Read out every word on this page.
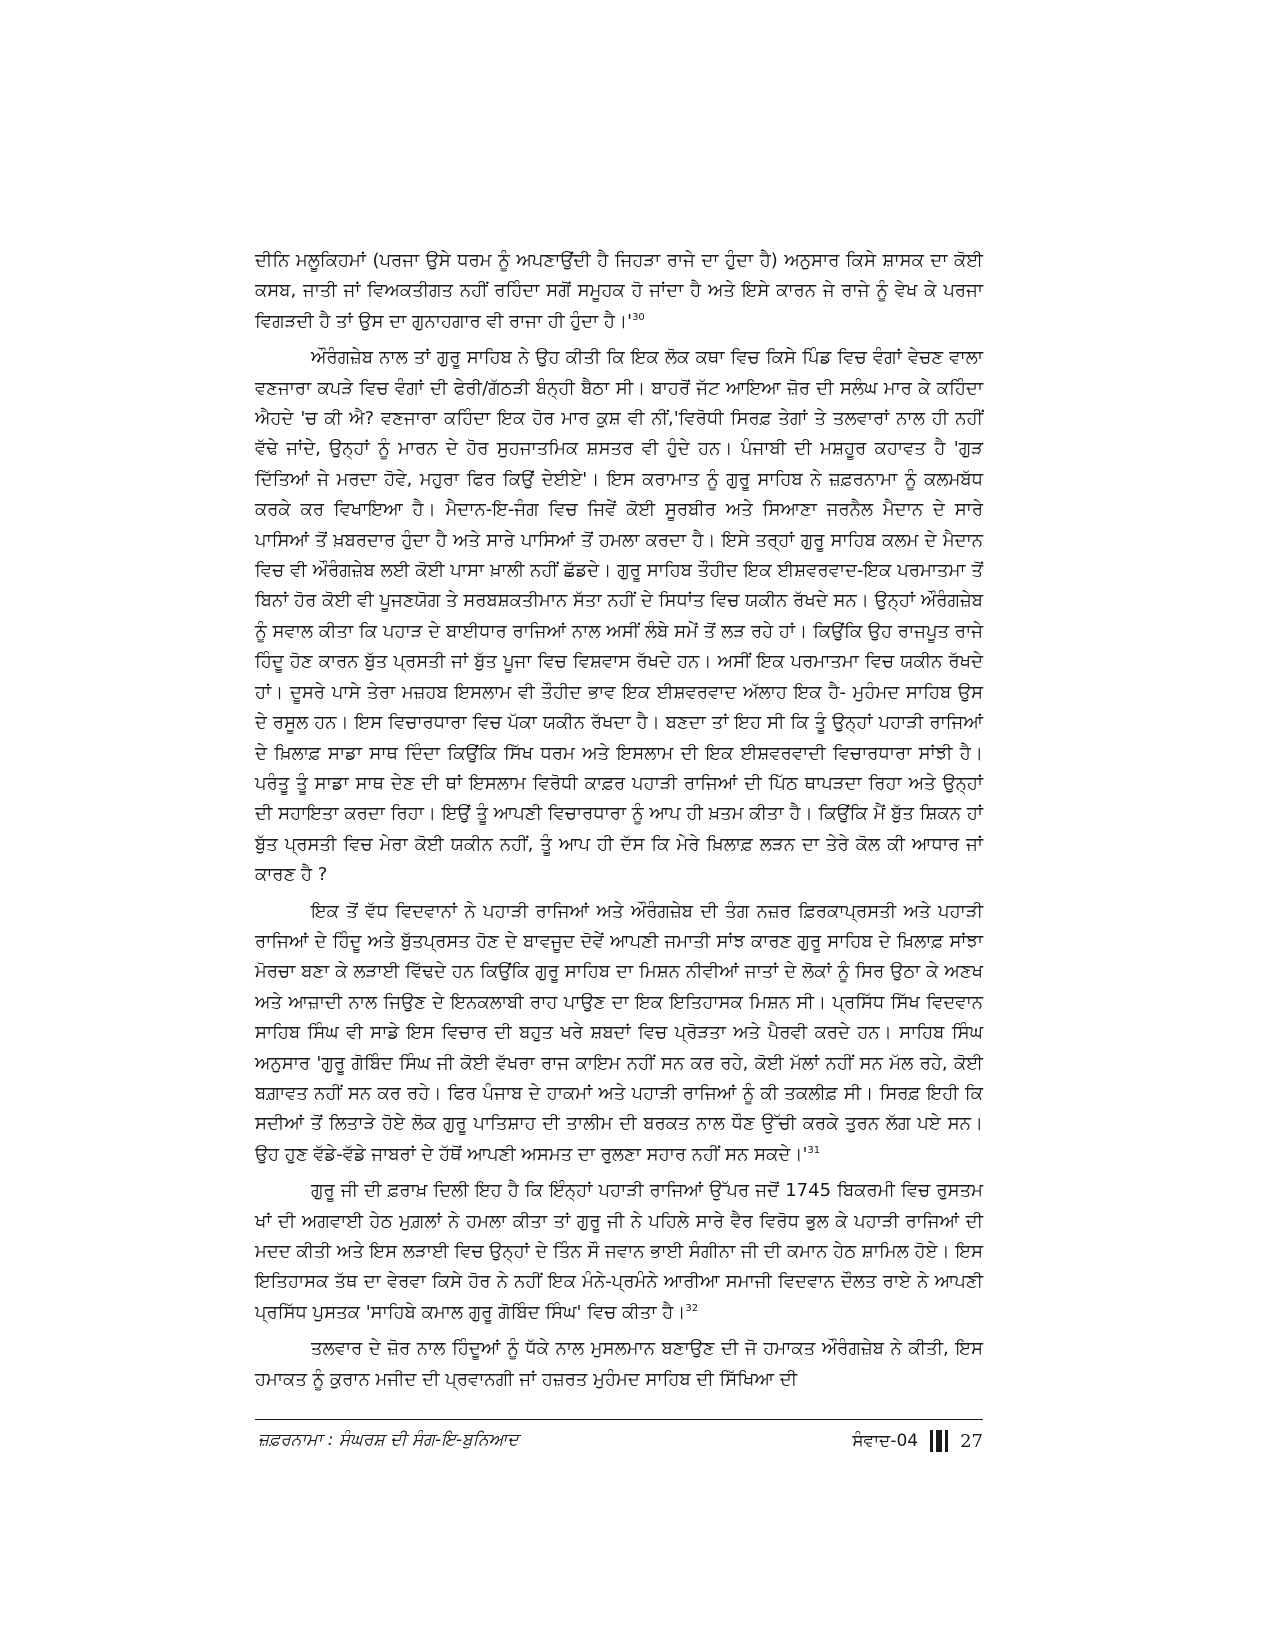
ਦੀਨਿ ਮਲੂਕਿਹਮਾਂ (ਪਰਜਾ ਉਸੇ ਧਰਮ ਨੂੰ ਅਪਣਾਉਂਦੀ ਹੈ ਜਿਹੜਾ ਰਾਜੇ ਦਾ ਹੁੰਦਾ ਹੈ) ਅਨੁਸਾਰ ਕਿਸੇ ਸ਼ਾਸਕ ਦਾ ਕੋਈ ਕਸਬ, ਜਾਤੀ ਜਾਂ ਵਿਅਕਤੀਗਤ ਨਹੀਂ ਰਹਿੰਦਾ ਸਗੋਂ ਸਮੂਹਕ ਹੋ ਜਾਂਦਾ ਹੈ ਅਤੇ ਇਸੇ ਕਾਰਨ ਜੇ ਰਾਜੇ ਨੂੰ ਵੇਖ ਕੇ ਪਰਜਾ ਵਿਗੜਦੀ ਹੈ ਤਾਂ ਉਸ ਦਾ ਗੁਨਾਹਗਾਰ ਵੀ ਰਾਜਾ ਹੀ ਹੁੰਦਾ $ਹੈ।'^{30}$

ਔਰੰਗਜ਼ੇਬ ਨਾਲ ਤਾਂ ਗੁਰੂ ਸਾਹਿਬ ਨੇ ਉਹ ਕੀਤੀ ਕਿ ਇਕ ਲੋਕ ਕਥਾ ਵਿਚ ਕਿਸੇ ਪਿੰਡ ਵਿਚ ਵੰਗਾਂ ਵੇਚਣ ਵਾਲਾ ਵਣਜਾਰਾ ਕਪੜੇ ਵਿਚ ਵੰਗਾਂ ਦੀ ਫੇਰੀ/ਗੱਠੜੀ ਬੰਨ੍ਹੀ ਬੈਠਾ ਸੀ। ਬਾਹਰੋਂ ਜੱਟ ਆਇਆ ਜ਼ੋਰ ਦੀ ਸਲੰਘ ਮਾਰ ਕੇ ਕਹਿੰਦਾ ਐਹਦੇ 'ਚ ਕੀ ਐ? ਵਣਜਾਰਾ ਕਹਿੰਦਾ ਇਕ ਹੋਰ ਮਾਰ ਕੁਸ਼ ਵੀ ਨੀਂ,'ਵਿਰੋਧੀ ਸਿਰਫ਼ ਤੇਗਾਂ ਤੇ ਤਲਵਾਰਾਂ ਨਾਲ ਹੀ ਨਹੀਂ ਵੱਢੇ ਜਾਂਦੇ, ਉਨ੍ਹਾਂ ਨੂੰ ਮਾਰਨ ਦੇ ਹੋਰ ਸੁਹਜਾਤਮਿਕ ਸ਼ਸਤਰ ਵੀ ਹੁੰਦੇ ਹਨ। ਪੰਜਾਬੀ ਦੀ ਮਸ਼ਹੂਰ ਕਹਾਵਤ ਹੈ 'ਗੁੜ ਦਿੱਤਿਆਂ ਜੇ ਮਰਦਾ ਹੋਵੇ, ਮਹੁਰਾ ਫਿਰ ਕਿਉਂ ਦੇਈਏ'। ਇਸ ਕਰਾਮਾਤ ਨੂੰ ਗੁਰੂ ਸਾਹਿਬ ਨੇ ਜ਼ਫ਼ਰਨਾਮਾ ਨੂੰ ਕਲਮਬੱਧ ਕਰਕੇ ਕਰ ਵਿਖਾਇਆ ਹੈ। ਮੈਦਾਨ-ਇ-ਜੰਗ ਵਿਚ ਜਿਵੇਂ ਕੋਈ ਸੂਰਬੀਰ ਅਤੇ ਸਿਆਣਾ ਜਰਨੈਲ ਮੈਦਾਨ ਦੇ ਸਾਰੇ ਪਾਸਿਆਂ ਤੋਂ ਖ਼ਬਰਦਾਰ ਹੁੰਦਾ ਹੈ ਅਤੇ ਸਾਰੇ ਪਾਸਿਆਂ ਤੋਂ ਹਮਲਾ ਕਰਦਾ ਹੈ। ਇਸੇ ਤਰ੍ਹਾਂ ਗੁਰੂ ਸਾਹਿਬ ਕਲਮ ਦੇ ਮੈਦਾਨ ਵਿਚ ਵੀ ਔਰੰਗਜ਼ੇਬ ਲਈ ਕੋਈ ਪਾਸਾ ਖ਼ਾਲੀ ਨਹੀਂ ਛੱਡਦੇ। ਗੁਰੂ ਸਾਹਿਬ ਤੌਹੀਦ ਇਕ ਈਸ਼ਵਰਵਾਦ-ਇਕ ਪਰਮਾਤਮਾ ਤੋਂ ਬਿਨਾਂ ਹੋਰ ਕੋਈ ਵੀ ਪੂਜਣਯੋਗ ਤੇ ਸਰਬਸ਼ਕਤੀਮਾਨ ਸੱਤਾ ਨਹੀਂ ਦੇ ਸਿਧਾਂਤ ਵਿਚ ਯਕੀਨ ਰੱਖਦੇ ਸਨ। ਉਨ੍ਹਾਂ ਔਰੰਗਜ਼ੇਬ ਨੂੰ ਸਵਾਲ ਕੀਤਾ ਕਿ ਪਹਾੜ ਦੇ ਬਾਈਧਾਰ ਰਾਜਿਆਂ ਨਾਲ ਅਸੀਂ ਲੰਬੇ ਸਮੇਂ ਤੋਂ ਲੜ ਰਹੇ ਹਾਂ। ਕਿਉਂਕਿ ਉਹ ਰਾਜਪੂਤ ਰਾਜੇ ਹਿੰਦੂ ਹੋਣ ਕਾਰਨ ਬੁੱਤ ਪ੍ਰਸਤੀ ਜਾਂ ਬੁੱਤ ਪੂਜਾ ਵਿਚ ਵਿਸ਼ਵਾਸ ਰੱਖਦੇ ਹਨ। ਅਸੀਂ ਇਕ ਪਰਮਾਤਮਾ ਵਿਚ ਯਕੀਨ ਰੱਖਦੇ ਹਾਂ। ਦੂਸਰੇ ਪਾਸੇ ਤੇਰਾ ਮਜ਼ਹਬ ਇਸਲਾਮ ਵੀ ਤੌਹੀਦ ਭਾਵ ਇਕ ਈਸ਼ਵਰਵਾਦ ਅੱਲਾਹ ਇਕ ਹੈ- ਮੁਹੰਮਦ ਸਾਹਿਬ ਉਸ ਦੇ ਰਸੂਲ ਹਨ। ਇਸ ਵਿਚਾਰਧਾਰਾ ਵਿਚ ਪੱਕਾ ਯਕੀਨ ਰੱਖਦਾ ਹੈ। ਬਣਦਾ ਤਾਂ ਇਹ ਸੀ ਕਿ ਤੂੰ ਉਨ੍ਹਾਂ ਪਹਾੜੀ ਰਾਜਿਆਂ ਦੇ ਖ਼ਿਲਾਫ਼ ਸਾਡਾ ਸਾਥ ਦਿੰਦਾ ਕਿਉਂਕਿ ਸਿੱਖ ਧਰਮ ਅਤੇ ਇਸਲਾਮ ਦੀ ਇਕ ਈਸ਼ਵਰਵਾਦੀ ਵਿਚਾਰਧਾਰਾ ਸਾਂਝੀ ਹੈ। ਪਰੰਤੂ ਤੂੰ ਸਾਡਾ ਸਾਥ ਦੇਣ ਦੀ ਥਾਂ ਇਸਲਾਮ ਵਿਰੋਧੀ ਕਾਫ਼ਰ ਪਹਾੜੀ ਰਾਜਿਆਂ ਦੀ ਪਿੱਠ ਥਾਪੜਦਾ ਰਿਹਾ ਅਤੇ ਉਨ੍ਹਾਂ ਦੀ ਸਹਾਇਤਾ ਕਰਦਾ ਰਿਹਾ। ਇਉਂ ਤੂੰ ਆਪਣੀ ਵਿਚਾਰਧਾਰਾ ਨੂੰ ਆਪ ਹੀ ਖ਼ਤਮ ਕੀਤਾ ਹੈ। ਕਿਉਂਕਿ ਮੈਂ ਬੁੱਤ ਸ਼ਿਕਨ ਹਾਂ ਬੁੱਤ ਪ੍ਰਸਤੀ ਵਿਚ ਮੇਰਾ ਕੋਈ ਯਕੀਨ ਨਹੀਂ, ਤੂੰ ਆਪ ਹੀ ਦੱਸ ਕਿ ਮੇਰੇ ਖ਼ਿਲਾਫ਼ ਲੜਨ ਦਾ ਤੇਰੇ ਕੋਲ ਕੀ ਆਧਾਰ ਜਾਂ ਕਾਰਣ ਹੈ ?

ਇਕ ਤੋਂ ਵੱਧ ਵਿਦਵਾਨਾਂ ਨੇ ਪਹਾੜੀ ਰਾਜਿਆਂ ਅਤੇ ਔਰੰਗਜ਼ੇਬ ਦੀ ਤੰਗ ਨਜ਼ਰ ਫ਼ਿਰਕਾਪ੍ਰਸਤੀ ਅਤੇ ਪਹਾੜੀ ਰਾਜਿਆਂ ਦੇ ਹਿੰਦੂ ਅਤੇ ਬੁੱਤਪ੍ਰਸਤ ਹੋਣ ਦੇ ਬਾਵਜੂਦ ਦੋਵੇਂ ਆਪਣੀ ਜਮਾਤੀ ਸਾਂਝ ਕਾਰਣ ਗੁਰੂ ਸਾਹਿਬ ਦੇ ਖ਼ਿਲਾਫ਼ ਸਾਂਝਾ ਮੋਰਚਾ ਬਣਾ ਕੇ ਲੜਾਈ ਵਿੱਢਦੇ ਹਨ ਕਿਉਂਕਿ ਗੁਰੂ ਸਾਹਿਬ ਦਾ ਮਿਸ਼ਨ ਨੀਵੀਆਂ ਜਾਤਾਂ ਦੇ ਲੋਕਾਂ ਨੂੰ ਸਿਰ ਉਠਾ ਕੇ ਅਣਖ ਅਤੇ ਆਜ਼ਾਦੀ ਨਾਲ ਜਿਉਣ ਦੇ ਇਨਕਲਾਬੀ ਰਾਹ ਪਾਉਣ ਦਾ ਇਕ ਇਤਿਹਾਸਕ ਮਿਸ਼ਨ ਸੀ। ਪ੍ਰਸਿੱਧ ਸਿੱਖ ਵਿਦਵਾਨ ਸਾਹਿਬ ਸਿੰਘ ਵੀ ਸਾਡੇ ਇਸ ਵਿਚਾਰ ਦੀ ਬਹੁਤ ਖਰੇ ਸ਼ਬਦਾਂ ਵਿਚ ਪ੍ਰੋੜਤਾ ਅਤੇ ਪੈਰਵੀ ਕਰਦੇ ਹਨ। ਸਾਹਿਬ ਸਿੰਘ ਅਨੁਸਾਰ 'ਗੁਰੂ ਗੋਬਿੰਦ ਸਿੰਘ ਜੀ ਕੋਈ ਵੱਖਰਾ ਰਾਜ ਕਾਇਮ ਨਹੀਂ ਸਨ ਕਰ ਰਹੇ, ਕੋਈ ਮੱਲਾਂ ਨਹੀਂ ਸਨ ਮੱਲ ਰਹੇ, ਕੋਈ ਬਗ਼ਾਵਤ ਨਹੀਂ ਸਨ ਕਰ ਰਹੇ। ਫਿਰ ਪੰਜਾਬ ਦੇ ਹਾਕਮਾਂ ਅਤੇ ਪਹਾੜੀ ਰਾਜਿਆਂ ਨੂੰ ਕੀ ਤਕਲੀਫ਼ ਸੀ। ਸਿਰਫ਼ ਇਹੀ ਕਿ ਸਦੀਆਂ ਤੋਂ ਲਿਤਾੜੇ ਹੋਏ ਲੋਕ ਗੁਰੂ ਪਾਤਿਸ਼ਾਹ ਦੀ ਤਾਲੀਮ ਦੀ ਬਰਕਤ ਨਾਲ ਧੌਣ ਉੱਚੀ ਕਰਕੇ ਤੁਰਨ ਲੱਗ ਪਏ ਸਨ। ਉਹ ਹੁਣ ਵੱਡੇ-ਵੱਡੇ ਜਾਬਰਾਂ ਦੇ ਹੱਥੋਂ ਆਪਣੀ ਅਸਮਤ ਦਾ ਰੁਲਣਾ ਸਹਾਰ ਨਹੀਂ ਸਨ $ਸਕਦੇ।'^{31}$

ਗੁਰੂ ਜੀ ਦੀ ਫ਼ਰਾਖ਼ ਦਿਲੀ ਇਹ ਹੈ ਕਿ ਇੰਨ੍ਹਾਂ ਪਹਾੜੀ ਰਾਜਿਆਂ ਉੱਪਰ ਜਦੋਂ 1745 ਬਿਕਰਮੀ ਵਿਚ ਰੁਸਤਮ ਖਾਂ ਦੀ ਅਗਵਾਈ ਹੇਠ ਮੁਗ਼ਲਾਂ ਨੇ ਹਮਲਾ ਕੀਤਾ ਤਾਂ ਗੁਰੂ ਜੀ ਨੇ ਪਹਿਲੇ ਸਾਰੇ ਵੈਰ ਵਿਰੋਧ ਭੁਲ ਕੇ ਪਹਾੜੀ ਰਾਜਿਆਂ ਦੀ ਮਦਦ ਕੀਤੀ ਅਤੇ ਇਸ ਲੜਾਈ ਵਿਚ ਉਨ੍ਹਾਂ ਦੇ ਤਿੰਨ ਸੌ ਜਵਾਨ ਭਾਈ ਸੰਗੀਨਾ ਜੀ ਦੀ ਕਮਾਨ ਹੇਠ ਸ਼ਾਮਿਲ ਹੋਏ। ਇਸ ਇਤਿਹਾਸਕ ਤੱਥ ਦਾ ਵੇਰਵਾ ਕਿਸੇ ਹੋਰ ਨੇ ਨਹੀਂ ਇਕ ਮੰਨੇ-ਪ੍ਰਮੰਨੇ ਆਰੀਆ ਸਮਾਜੀ ਵਿਦਵਾਨ ਦੌਲਤ ਰਾਏ ਨੇ ਆਪਣੀ ਪ੍ਰਸਿੱਧ ਪੁਸਤਕ 'ਸਾਹਿਬੇ ਕਮਾਲ ਗੁਰੂ ਗੋਬਿੰਦ ਸਿੰਘ' ਵਿਚ ਕੀਤਾ ਹੈ।$^{32}$

ਤਲਵਾਰ ਦੇ ਜ਼ੋਰ ਨਾਲ ਹਿੰਦੂਆਂ ਨੂੰ ਧੱਕੇ ਨਾਲ ਮੁਸਲਮਾਨ ਬਣਾਉਣ ਦੀ ਜੋ ਹਮਾਕਤ ਔਰੰਗਜ਼ੇਬ ਨੇ ਕੀਤੀ, ਇਸ ਹਮਾਕਤ ਨੂੰ ਕੁਰਾਨ ਮਜੀਦ ਦੀ ਪ੍ਰਵਾਨਗੀ ਜਾਂ ਹਜ਼ਰਤ ਮੁਹੰਮਦ ਸਾਹਿਬ ਦੀ ਸਿੱਖਿਆ ਦੀ

ਜ਼ਫ਼ਰਨਾਮਾ : ਸੰਘਰਸ਼ ਦੀ ਸੰਗ-ਇ-ਬੁਨਿਆਦ	ਸੰਵਾਦ-04 27
